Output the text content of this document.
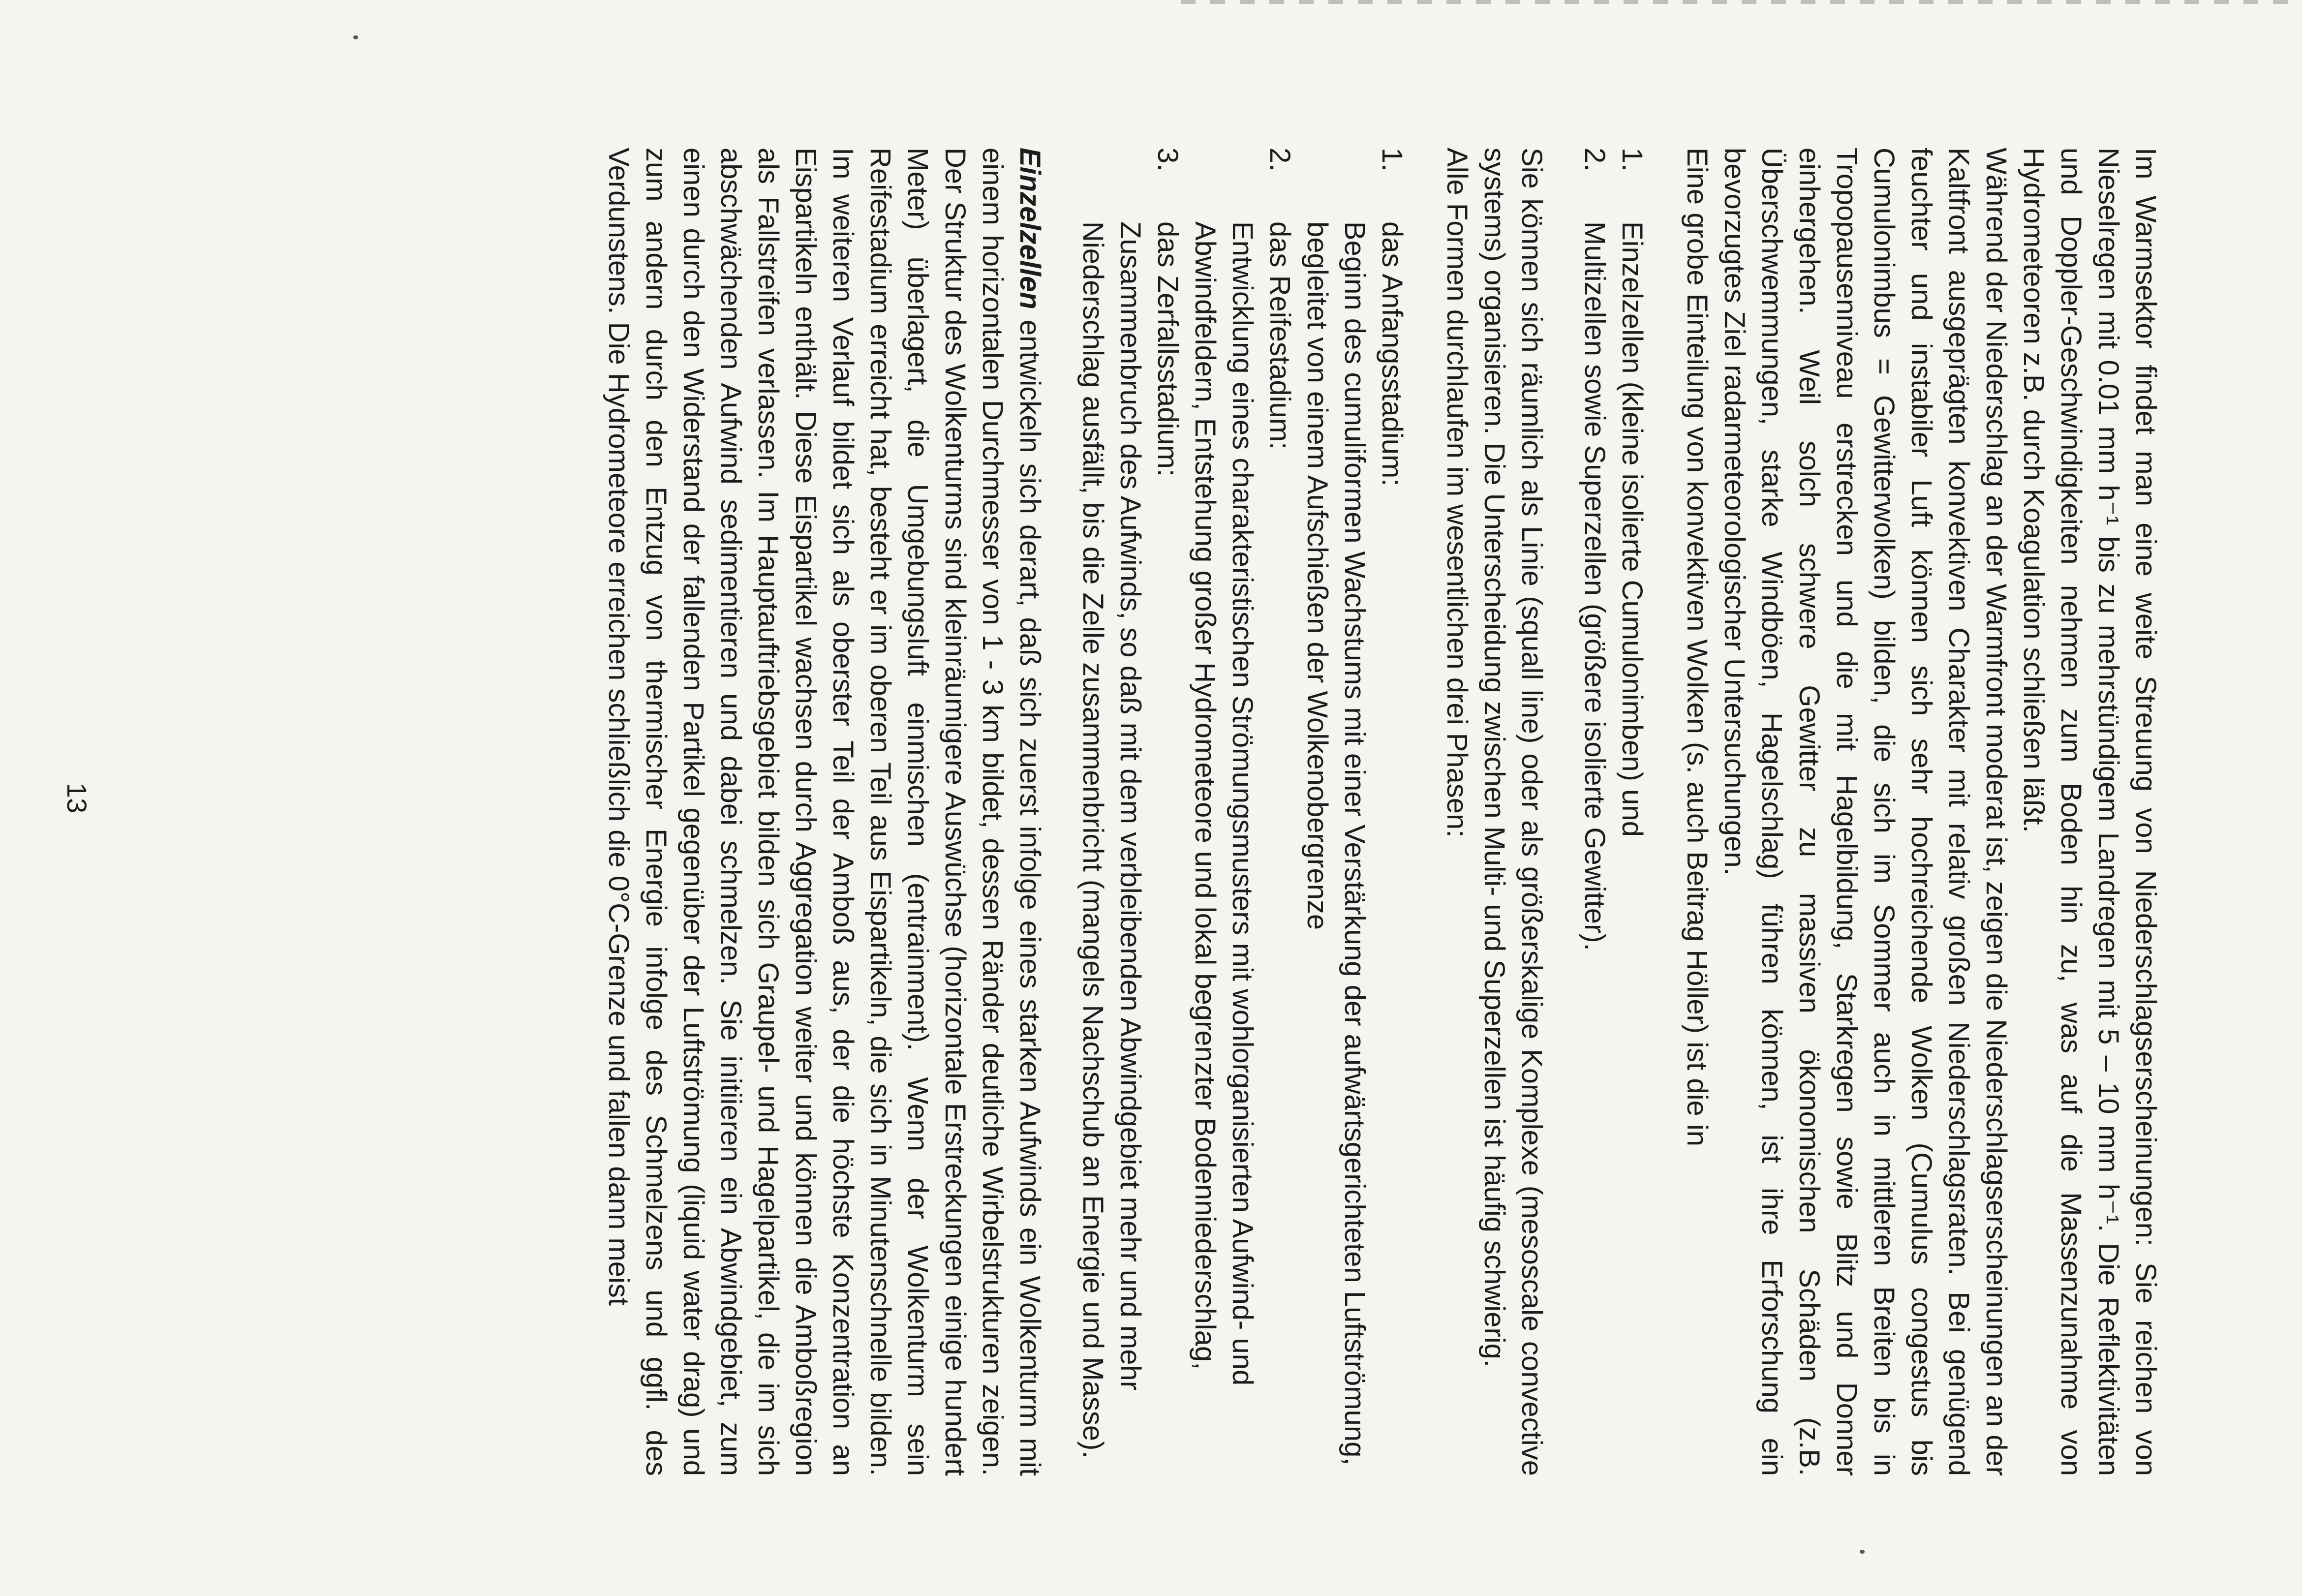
Im Warmsektor findet man eine weite Streuung von Niederschlagserscheinungen: Sie reichen von Nieselregen mit 0.01 mm h⁻¹ bis zu mehrstündigem Landregen mit 5 – 10 mm h⁻¹. Die Reflektivitäten und Doppler-Geschwindigkeiten nehmen zum Boden hin zu, was auf die Massenzunahme von Hydrometeoren z.B. durch Koagulation schließen läßt.

Während der Niederschlag an der Warmfront moderat ist, zeigen die Niederschlagserscheinungen an der Kaltfront ausgeprägten konvektiven Charakter mit relativ großen Niederschlagsraten. Bei genügend feuchter und instabiler Luft können sich sehr hochreichende Wolken (Cumulus congestus bis Cumulonimbus = Gewitterwolken) bilden, die sich im Sommer auch in mittleren Breiten bis in Tropopausenniveau erstrecken und die mit Hagelbildung, Starkregen sowie Blitz und Donner einhergehen. Weil solch schwere Gewitter zu massiven ökonomischen Schäden (z.B. Überschwemmungen, starke Windböen, Hagelschlag) führen können, ist ihre Erforschung ein bevorzugtes Ziel radarmeteorologischer Untersuchungen.

Eine grobe Einteilung von konvektiven Wolken (s. auch Beitrag Höller) ist die in

1.
Einzelzellen (kleine isolierte Cumulonimben) und
2.
Multizellen sowie Superzellen (größere isolierte Gewitter).

Sie können sich räumlich als Linie (squall line) oder als größerskalige Komplexe (mesoscale convective systems) organisieren. Die Unterscheidung zwischen Multi- und Superzellen ist häufig schwierig.

Alle Formen durchlaufen im wesentlichen drei Phasen:

1.
das Anfangsstadium:
Beginn des cumuliformen Wachstums mit einer Verstärkung der aufwärtsgerichteten Luftströmung, begleitet von einem Aufschießen der Wolkenobergrenze
2.
das Reifestadium:
Entwicklung eines charakteristischen Strömungsmusters mit wohlorganisierten Aufwind- und Abwindfeldern, Entstehung großer Hydrometeore und lokal begrenzter Bodenniederschlag,
3.
das Zerfallsstadium:
Zusammenbruch des Aufwinds, so daß mit dem verbleibenden Abwindgebiet mehr und mehr Niederschlag ausfällt, bis die Zelle zusammenbricht (mangels Nachschub an Energie und Masse).

Einzelzellen entwickeln sich derart, daß sich zuerst infolge eines starken Aufwinds ein Wolkenturm mit einem horizontalen Durchmesser von 1 - 3 km bildet, dessen Ränder deutliche Wirbelstrukturen zeigen. Der Struktur des Wolkenturms sind kleinräumigere Auswüchse (horizontale Erstreckungen einige hundert Meter) überlagert, die Umgebungsluft einmischen (entrainment). Wenn der Wolkenturm sein Reifestadium erreicht hat, besteht er im oberen Teil aus Eispartikeln, die sich in Minutenschnelle bilden. Im weiteren Verlauf bildet sich als oberster Teil der Amboß aus, der die höchste Konzentration an Eispartikeln enthält. Diese Eispartikel wachsen durch Aggregation weiter und können die Amboßregion als Fallstreifen verlassen. Im Hauptauftriebsgebiet bilden sich Graupel- und Hagelpartikel, die im sich abschwächenden Aufwind sedimentieren und dabei schmelzen. Sie initiieren ein Abwindgebiet, zum einen durch den Widerstand der fallenden Partikel gegenüber der Luftströmung (liquid water drag) und zum andern durch den Entzug von thermischer Energie infolge des Schmelzens und ggfl. des Verdunstens. Die Hydrometeore erreichen schließlich die 0°C-Grenze und fallen dann meist

13
